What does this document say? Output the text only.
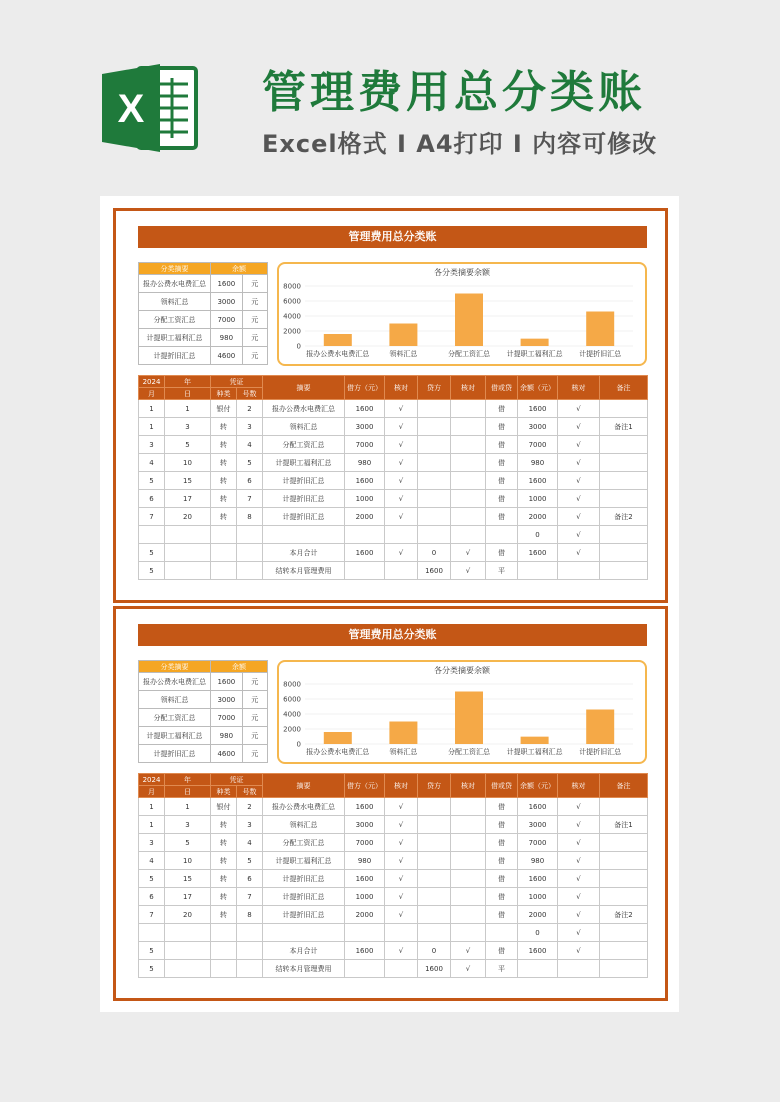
X	管理费用总分类账
Excel格式 I A4打印 I 内容可修改
管理费用总分类账
分类摘要	余额	
报办公费水电费汇总	1600	元
领料汇总	3000	元
分配工资汇总	7000	元
计提职工福利汇总	980	元
计提折旧汇总	4600	元
各分类摘要余额
0
2000
4000
6000
8000
报办公费水电费汇总	领料汇总	分配工资汇总 计提职工福利汇总 计提折旧汇总
2024	年	凭证		摘要	借方（元）	核对	贷方	核对	借或贷	余额（元）	核对	备注
月	日	种类	号数									
1	1	银付	2	报办公费水电费汇总	1600	√			借	1600	√	
1	3	转	3	领料汇总	3000	√			借	3000	√	备注1
3	5	转	4	分配工资汇总	7000	√			借	7000	√	
4	10	转	5	计提职工福利汇总	980	√			借	980	√	
5	15	转	6	计提折旧汇总	1600	√			借	1600	√	
6	17	转	7	计提折旧汇总	1000	√			借	1000	√	
7	20	转	8	计提折旧汇总	2000	√			借	2000	√	备注2
										0	√	
5				本月合计	1600	√	0	√	借	1600	√	
5				结转本月管理费用			1600	√	平			
管理费用总分类账
分类摘要	余额	
报办公费水电费汇总	1600	元
领料汇总	3000	元
分配工资汇总	7000	元
计提职工福利汇总	980	元
计提折旧汇总	4600	元
各分类摘要余额
0
2000
4000
6000
8000
报办公费水电费汇总	领料汇总	分配工资汇总 计提职工福利汇总 计提折旧汇总
2024	年	凭证		摘要	借方（元）	核对	贷方	核对	借或贷	余额（元）	核对	备注
月	日	种类	号数									
1	1	银付	2	报办公费水电费汇总	1600	√			借	1600	√	
1	3	转	3	领料汇总	3000	√			借	3000	√	备注1
3	5	转	4	分配工资汇总	7000	√			借	7000	√	
4	10	转	5	计提职工福利汇总	980	√			借	980	√	
5	15	转	6	计提折旧汇总	1600	√			借	1600	√	
6	17	转	7	计提折旧汇总	1000	√			借	1000	√	
7	20	转	8	计提折旧汇总	2000	√			借	2000	√	备注2
										0	√	
5				本月合计	1600	√	0	√	借	1600	√	
5				结转本月管理费用			1600	√	平			
